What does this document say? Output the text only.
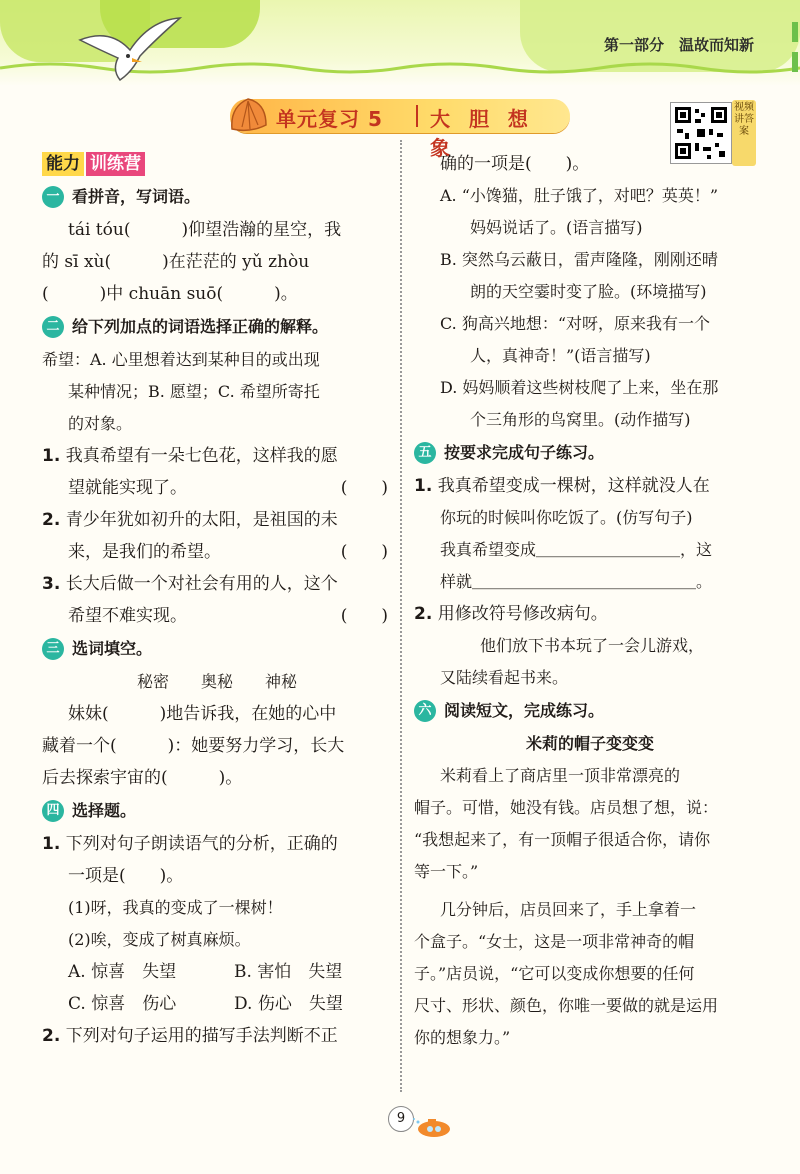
第一部分　温故而知新
单元复习 5 大 胆 想 象
视频讲答案
能力 训练营
一 看拼音，写词语。
tái tóu(　　　)仰望浩瀚的星空，我
的 sī xù(　　　)在茫茫的 yǔ zhòu
(　　　)中 chuān suō(　　　)。
二 给下列加点的词语选择正确的解释。
希望：A. 心里想着达到某种目的或出现
某种情况；B. 愿望；C. 希望所寄托
的对象。
1. 我真希望有一朵七色花，这样我的愿
望就能实现了。	(　　)
2. 青少年犹如初升的太阳，是祖国的未
来，是我们的希望。	(　　)
3. 长大后做一个对社会有用的人，这个
希望不难实现。	(　　)
三 选词填空。
秘密　　奥秘　　神秘
妹妹(　　　)地告诉我，在她的心中
藏着一个(　　　)：她要努力学习，长大
后去探索宇宙的(　　　)。
四 选择题。
1. 下列对句子朗读语气的分析，正确的
一项是(　　)。
(1)呀，我真的变成了一棵树！
(2)唉，变成了树真麻烦。
A. 惊喜　失望	B. 害怕　失望
C. 惊喜　伤心	D. 伤心　失望
2. 下列对句子运用的描写手法判断不正
确的一项是(　　)。
A. “小馋猫，肚子饿了，对吧？英英！”
妈妈说话了。(语言描写)
B. 突然乌云蔽日，雷声隆隆，刚刚还晴
朗的天空霎时变了脸。(环境描写)
C. 狗高兴地想：“对呀，原来我有一个
人，真神奇！”(语言描写)
D. 妈妈顺着这些树枝爬了上来，坐在那
个三角形的鸟窝里。(动作描写)
五 按要求完成句子练习。
1. 我真希望变成一棵树，这样就没人在
你玩的时候叫你吃饭了。(仿写句子)
我真希望变成＿＿＿＿＿＿＿＿＿，这
样就＿＿＿＿＿＿＿＿＿＿＿＿＿＿。
2. 用修改符号修改病句。
他们放下书本玩了一会儿游戏，
又陆续看起书来。
六 阅读短文，完成练习。
米莉的帽子变变变
米莉看上了商店里一顶非常漂亮的
帽子。可惜，她没有钱。店员想了想，说：
“我想起来了，有一顶帽子很适合你，请你
等一下。”
几分钟后，店员回来了，手上拿着一
个盒子。“女士，这是一项非常神奇的帽
子。”店员说，“它可以变成你想要的任何
尺寸、形状、颜色，你唯一要做的就是运用
你的想象力。”
9
